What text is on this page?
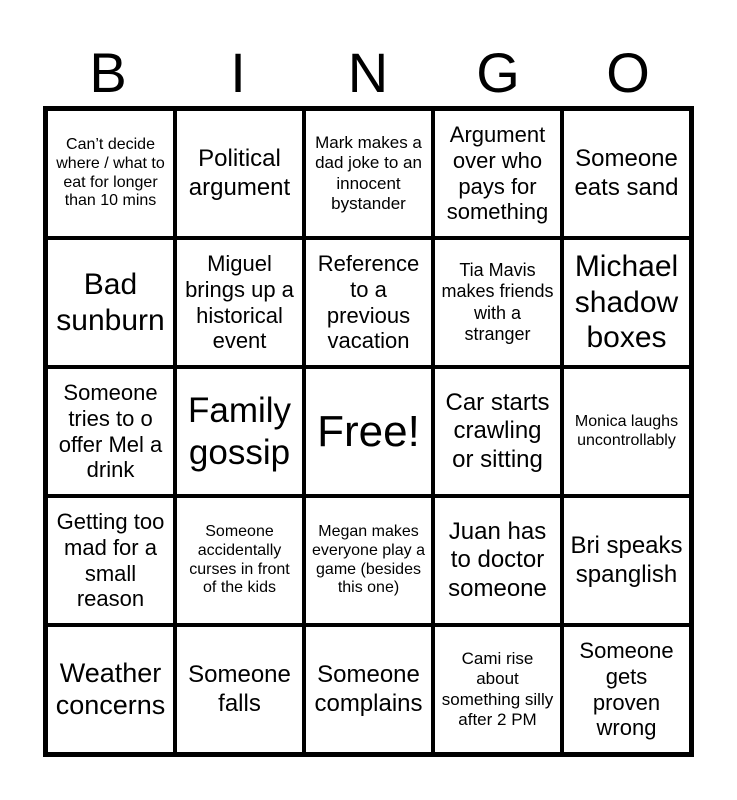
B	I	N	G	O
Can’t decide where / what to eat for longer than 10 mins
Political argument
Mark makes a dad joke to an innocent bystander
Argument over who pays for something
Someone eats sand
Bad sunburn
Miguel brings up a historical event
Reference to a previous vacation
Tia Mavis makes friends with a stranger
Michael shadow boxes
Someone tries to o offer Mel a drink
Family gossip Free!
Car starts crawling or sitting
Monica laughs uncontrollably
Getting too mad for a small reason
Someone accidentally curses in front of the kids
Megan makes everyone play a game (besides this one)
Juan has to doctor someone
Bri speaks spanglish
Weather concerns
Someone falls
Someone complains
Cami rise about something silly after 2 PM
Someone gets proven wrong
